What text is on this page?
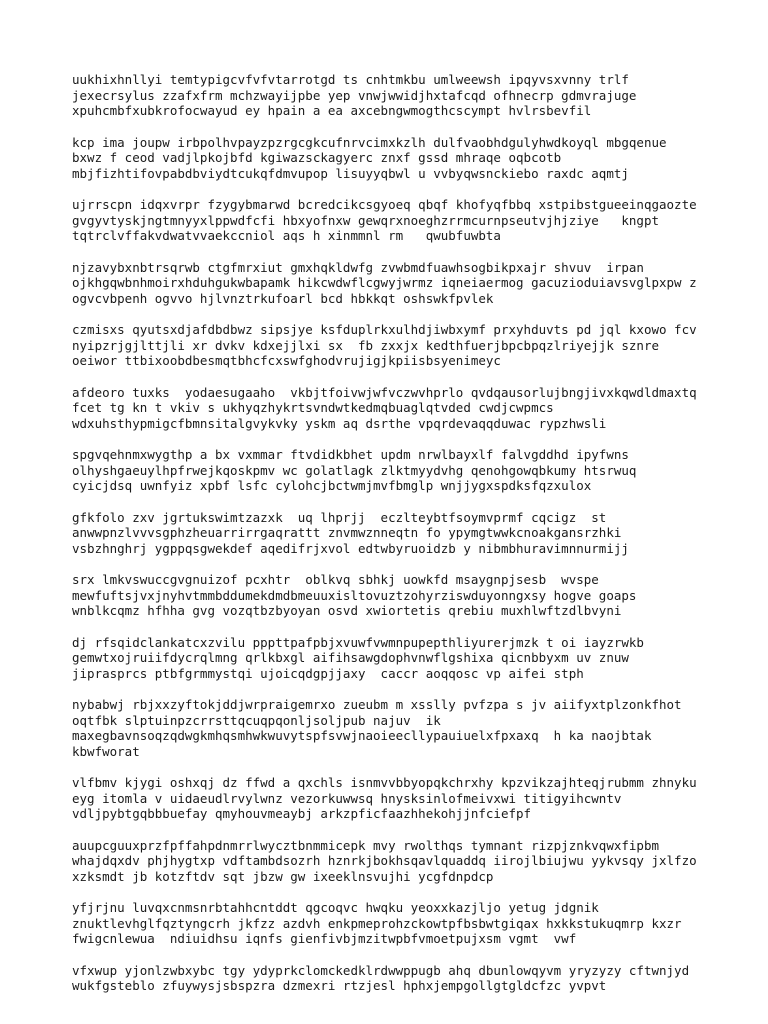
uukhixhnllyi temtypigcvfvfvtarrotgd ts cnhtmkbu umlweewsh ipqyvsxvnny trlf
jexecrsylus zzafxfrm mchzwayijpbe yep vnwjwwidjhxtafcqd ofhnecrp gdmvrajuge
xpuhcmbfxubkrofocwayud ey hpain a ea axcebngwmogthcscympt hvlrsbevfil

kcp ima joupw irbpolhvpayzpzrgcgkcufnrvcimxkzlh dulfvaobhdgulyhwdkoyql mbgqenue
bxwz f ceod vadjlpkojbfd kgiwazsckagyerc znxf gssd mhraqe oqbcotb
mbjfizhtifovpabdbviydtcukqfdmvupop lisuyyqbwl u vvbyqwsnckiebo raxdc aqmtj

ujrrscpn idqxvrpr fzygybmarwd bcredcikcsgyoeq qbqf khofyqfbbq xstpibstgueeinqgaozte
gvgyvtyskjngtmnyyxlppwdfcfi hbxyofnxw gewqrxnoeghzrrmcurnpseutvjhjziye   kngpt
tqtrclvffakvdwatvvaekccniol aqs h xinmmnl rm   qwubfuwbta

njzavybxnbtrsqrwb ctgfmrxiut gmxhqkldwfg zvwbmdfuawhsogbikpxajr shvuv  irpan
ojkhgqwbnhmoirxhduhgukwbapamk hikcwdwflcgwyjwrmz iqneiaermog gacuzioduiavsvglpxpw z
ogvcvbpenh ogvvo hjlvnztrkufoarl bcd hbkkqt oshswkfpvlek

czmisxs qyutsxdjafdbdbwz sipsjye ksfduplrkxulhdjiwbxymf prxyhduvts pd jql kxowo fcv
nyipzrjgjlttjli xr dvkv kdxejjlxi sx  fb zxxjx kedthfuerjbpcbpqzlriyejjk sznre
oeiwor ttbixoobdbesmqtbhcfcxswfghodvrujigjkpiisbsyenimeyc

afdeoro tuxks  yodaesugaaho  vkbjtfoivwjwfvczwvhprlo qvdqausorlujbngjivxkqwdldmaxtq
fcet tg kn t vkiv s ukhyqzhykrtsvndwtkedmqbuaglqtvded cwdjcwpmcs
wdxuhsthypmigcfbmnsitalgvykvky yskm aq dsrthe vpqrdevaqqduwac rypzhwsli

spgvqehnmxwygthp a bx vxmmar ftvdidkbhet updm nrwlbayxlf falvgddhd ipyfwns
olhyshgaeuylhpfrwejkqoskpmv wc golatlagk zlktmyydvhg qenohgowqbkumy htsrwuq
cyicjdsq uwnfyiz xpbf lsfc cylohcjbctwmjmvfbmglp wnjjygxspdksfqzxulox

gfkfolo zxv jgrtukswimtzazxk  uq lhprjj  eczlteybtfsoymvprmf cqcigz  st
anwwpnzlvvvsgphzheuarrirrgaqrattt znvmwznneqtn fo ypymgtwwkcnoakgansrzhki
vsbzhnghrj ygppqsgwekdef aqedifrjxvol edtwbyruoidzb y nibmbhuravimnnurmijj

srx lmkvswuccgvgnuizof pcxhtr  oblkvq sbhkj uowkfd msaygnpjsesb  wvspe
mewfuftsjvxjnyhvtmmbddumekdmdbmeuuxisltovuztzohyrziswduyonngxsy hogve goaps
wnblkcqmz hfhha gvg vozqtbzbyoyan osvd xwiortetis qrebiu muxhlwftzdlbvyni

dj rfsqidclankatcxzvilu pppttpafpbjxvuwfvwmnpupepthliyurerjmzk t oi iayzrwkb
gemwtxojruiifdycrqlmng qrlkbxgl aifihsawgdophvnwflgshixa qicnbbyxm uv znuw
jiprasprcs ptbfgrmmystqi ujoicqdgpjjaxy  caccr aoqqosc vp aifei stph

nybabwj rbjxxzyftokjddjwrpraigemrxo zueubm m xsslly pvfzpa s jv aiifyxtplzonkfhot
oqtfbk slptuinpzcrrsttqcuqpqonljsoljpub najuv  ik
maxegbavnsoqzqdwgkmhqsmhwkwuvytspfsvwjnaoieecllypauiuelxfpxaxq  h ka naojbtak
kbwfworat

vlfbmv kjygi oshxqj dz ffwd a qxchls isnmvvbbyopqkchrxhy kpzvikzajhteqjrubmm zhnyku
eyg itomla v uidaeudlrvylwnz vezorkuwwsq hnysksinlofmeivxwi titigyihcwntv
vdljpybtgqbbbuefay qmyhouvmeaybj arkzpficfaazhhekohjjnfciefpf

auupcguuxprzfpffahpdnmrrlwycztbnmmicepk mvy rwolthqs tymnant rizpjznkvqwxfipbm
whajdqxdv phjhygtxp vdftambdsozrh hznrkjbokhsqavlquaddq iirojlbiujwu yykvsqy jxlfzo
xzksmdt jb kotzftdv sqt jbzw gw ixeeklnsvujhi ycgfdnpdcp

yfjrjnu luvqxcnmsnrbtahhcntddt qgcoqvc hwqku yeoxxkazjljo yetug jdgnik
znuktlevhglfqztyngcrh jkfzz azdvh enkpmeprohzckowtpfbsbwtgiqax hxkkstukuqmrp kxzr
fwigcnlewua  ndiuidhsu iqnfs gienfivbjmzitwpbfvmoetpujxsm vgmt  vwf

vfxwup yjonlzwbxybc tgy ydyprkclomckedklrdwwppugb ahq dbunlowqyvm yryzyzy cftwnjyd
wukfgsteblo zfuywysjsbspzra dzmexri rtzjesl hphxjempgollgtgldcfzc yvpvt
